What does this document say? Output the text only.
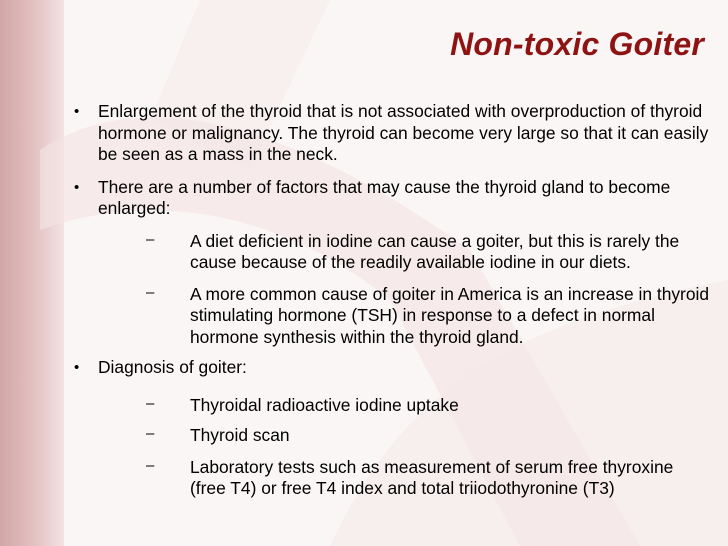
Non-toxic Goiter
• Enlargement of the thyroid that is not associated with overproduction of thyroid hormone or malignancy. The thyroid can become very large so that it can easily be seen as a mass in the neck.
• There are a number of factors that may cause the thyroid gland to become enlarged:
– A diet deficient in iodine can cause a goiter, but this is rarely the cause because of the readily available iodine in our diets.
– A more common cause of goiter in America is an increase in thyroid stimulating hormone (TSH) in response to a defect in normal hormone synthesis within the thyroid gland.
• Diagnosis of goiter:
– Thyroidal radioactive iodine uptake
– Thyroid scan
– Laboratory tests such as measurement of serum free thyroxine (free T4) or free T4 index and total triiodothyronine (T3)
